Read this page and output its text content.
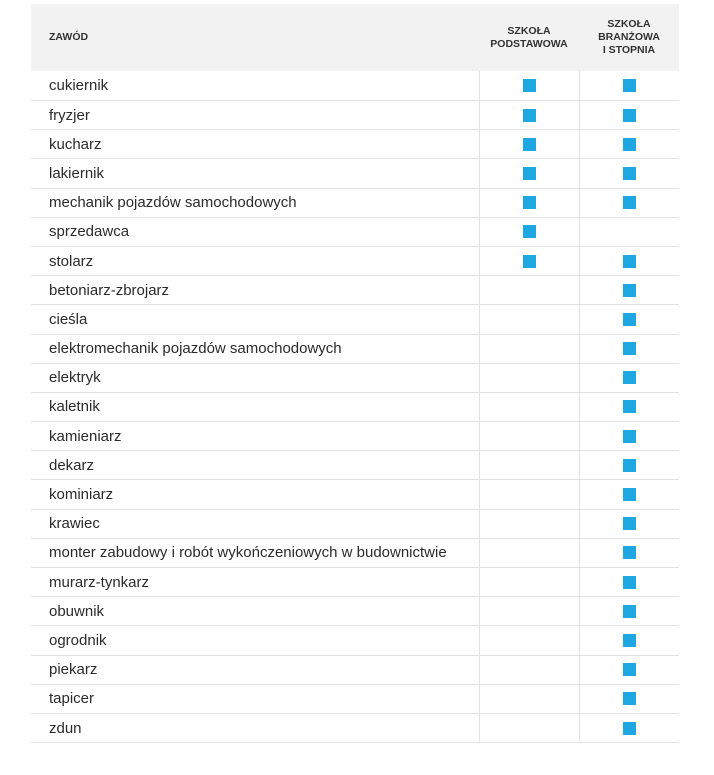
ZAWÓD
SZKOŁA
PODSTAWOWA
SZKOŁA
BRANŻOWA
I STOPNIA
cukiernik
fryzjer
kucharz
lakiernik
mechanik pojazdów samochodowych
sprzedawca
stolarz
betoniarz-zbrojarz
cieśla
elektromechanik pojazdów samochodowych
elektryk
kaletnik
kamieniarz
dekarz
kominiarz
krawiec
monter zabudowy i robót wykończeniowych w budownictwie
murarz-tynkarz
obuwnik
ogrodnik
piekarz
tapicer
zdun
